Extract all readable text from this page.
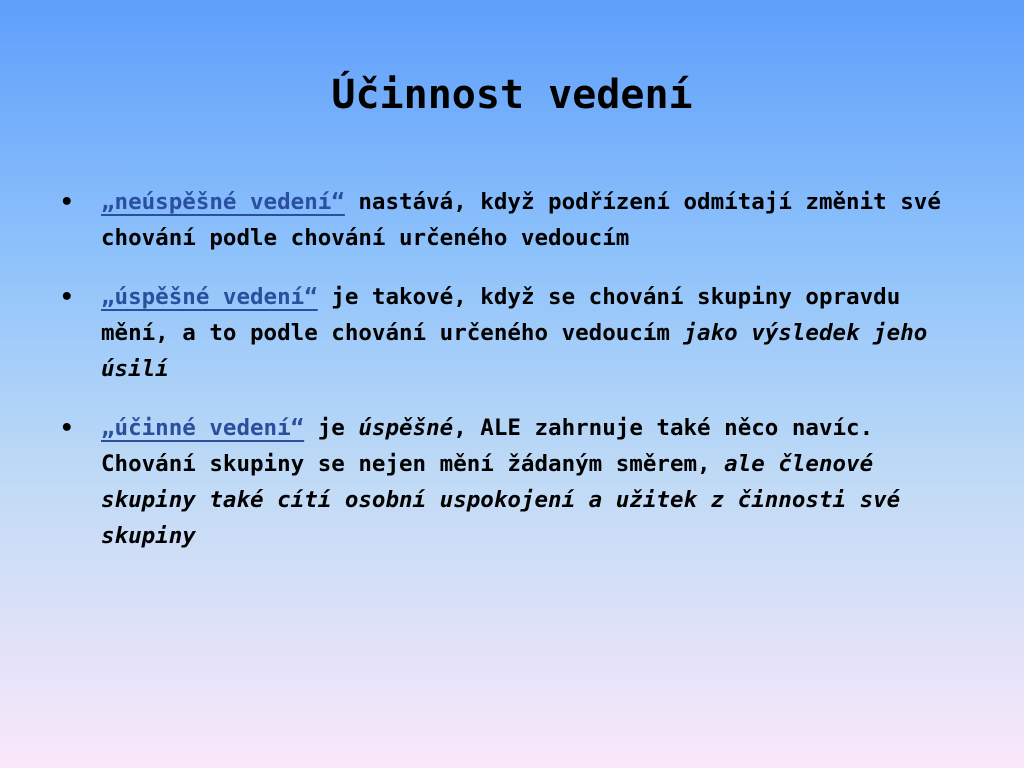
Účinnost vedení
• „neúspěšné vedení“ nastává, když podřízení odmítají změnit své chování podle chování určeného vedoucím
• „úspěšné vedení“ je takové, když se chování skupiny opravdu mění, a to podle chování určeného vedoucím jako výsledek jeho úsilí
• „účinné vedení“ je úspěšné, ALE zahrnuje také něco navíc. Chování skupiny se nejen mění žádaným směrem, ale členové skupiny také cítí osobní uspokojení a užitek z činnosti své skupiny
